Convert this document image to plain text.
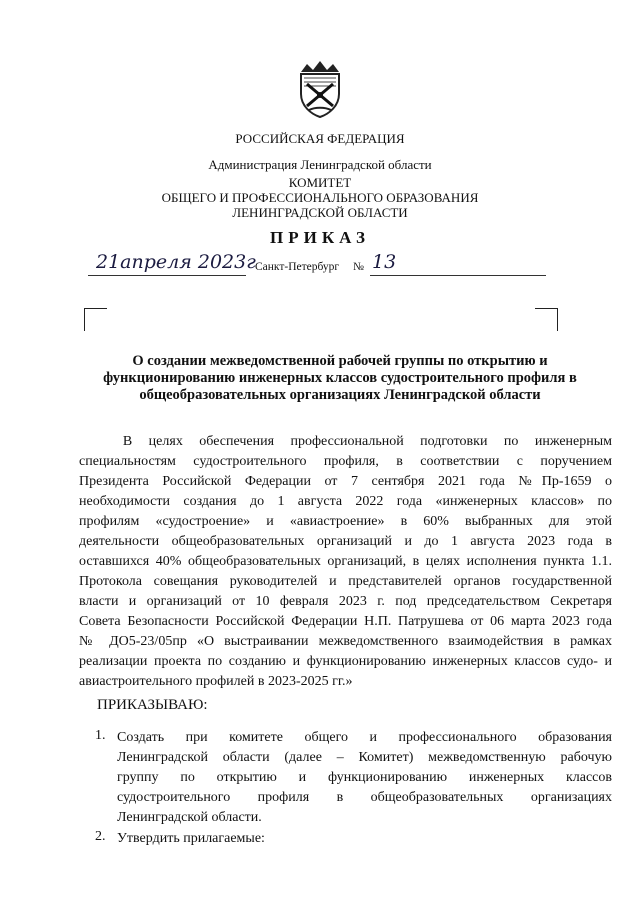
РОССИЙСКАЯ ФЕДЕРАЦИЯ
Администрация Ленинградской области
КОМИТЕТ
ОБЩЕГО И ПРОФЕССИОНАЛЬНОГО ОБРАЗОВАНИЯ
ЛЕНИНГРАДСКОЙ ОБЛАСТИ
ПРИКАЗ
21апреля 2023г Санкт-Петербург № 13
О создании межведомственной рабочей группы по открытию и
функционированию инженерных классов судостроительного профиля в
общеобразовательных организациях Ленинградской области
В   целях   обеспечения   профессиональной   подготовки   по   инженерным
специальностям судостроительного профиля, в соответствии с поручением
Президента Российской Федерации от 7 сентября 2021 года №Пр-1659 о
необходимости создания до 1 августа 2022 года «инженерных классов» по
профилям «судостроение» и «авиастроение» в 60% выбранных для этой
деятельности общеобразовательных организаций и до 1 августа 2023 года в
оставшихся 40% общеобразовательных организаций, в целях исполнения пункта 1.1.
Протокола совещания руководителей и представителей органов государственной
власти и организаций от 10 февраля 2023 г. под председательством Секретаря
Совета Безопасности Российской Федерации Н.П. Патрушева от 06 марта 2023 года
№ ДО5-23/05пр «О выстраивании межведомственного взаимодействия в рамках
реализации проекта по созданию и функционированию инженерных классов судо- и
авиастроительного профилей в 2023-2025 гг.»
ПРИКАЗЫВАЮ:
1. Создать при комитете общего и профессионального образования
Ленинградской области (далее – Комитет) межведомственную рабочую
группу по открытию и функционированию инженерных классов
судостроительного профиля в общеобразовательных организациях
Ленинградской области.
2. Утвердить прилагаемые:
